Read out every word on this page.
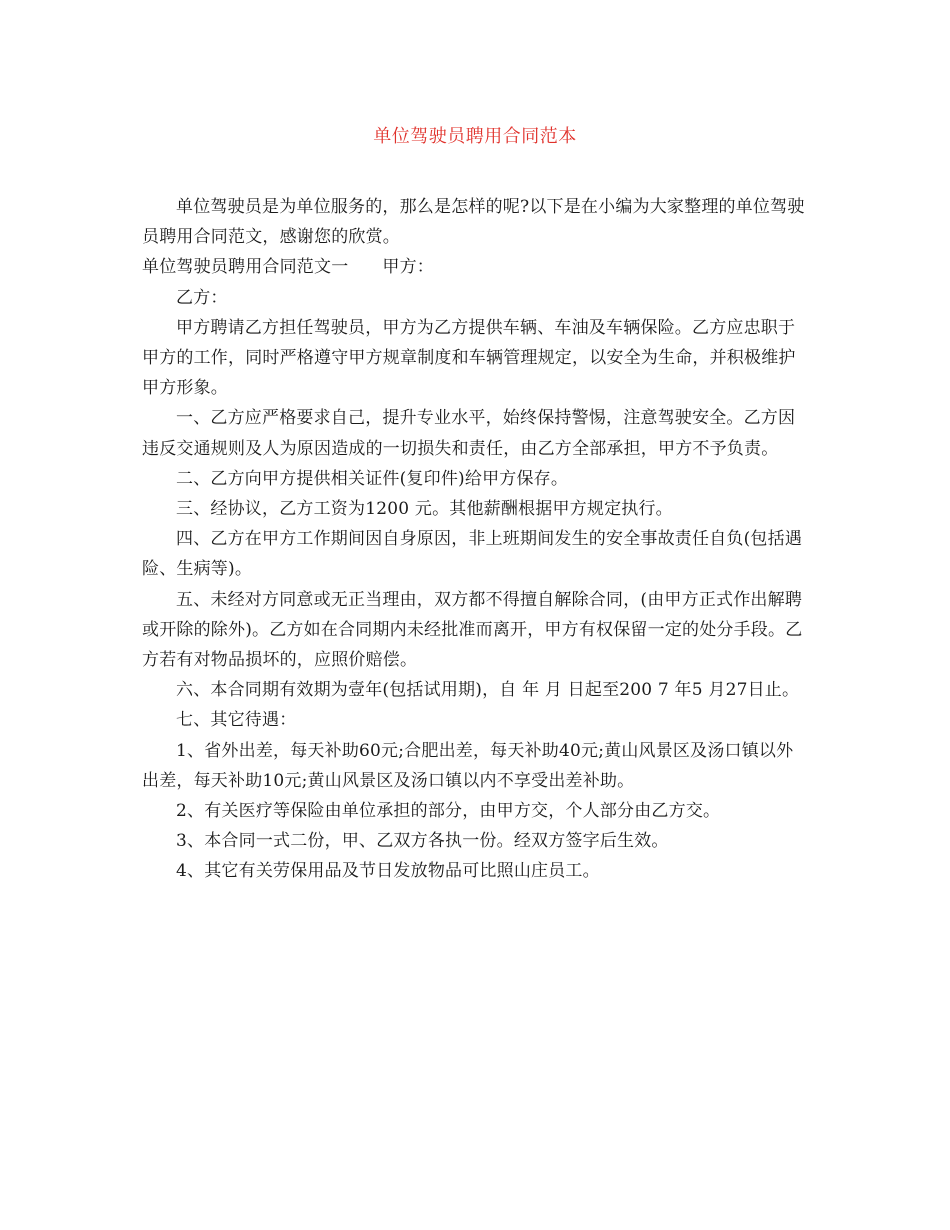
单位驾驶员聘用合同范本

单位驾驶员是为单位服务的，那么是怎样的呢?以下是在小编为大家整理的单位驾驶员聘用合同范文，感谢您的欣赏。

单位驾驶员聘用合同范文一 甲方：

乙方：

甲方聘请乙方担任驾驶员，甲方为乙方提供车辆、车油及车辆保险。乙方应忠职于甲方的工作，同时严格遵守甲方规章制度和车辆管理规定，以安全为生命，并积极维护甲方形象。

一、乙方应严格要求自己，提升专业水平，始终保持警惕，注意驾驶安全。乙方因违反交通规则及人为原因造成的一切损失和责任，由乙方全部承担，甲方不予负责。

二、乙方向甲方提供相关证件(复印件)给甲方保存。

三、经协议，乙方工资为1200 元。其他薪酬根据甲方规定执行。

四、乙方在甲方工作期间因自身原因，非上班期间发生的安全事故责任自负(包括遇险、生病等)。

五、未经对方同意或无正当理由，双方都不得擅自解除合同，(由甲方正式作出解聘或开除的除外)。乙方如在合同期内未经批准而离开，甲方有权保留一定的处分手段。乙方若有对物品损坏的，应照价赔偿。

六、本合同期有效期为壹年(包括试用期)，自 年 月 日起至200 7 年5 月27日止。

七、其它待遇：

1、省外出差，每天补助60元;合肥出差，每天补助40元;黄山风景区及汤口镇以外出差，每天补助10元;黄山风景区及汤口镇以内不享受出差补助。

2、有关医疗等保险由单位承担的部分，由甲方交，个人部分由乙方交。

3、本合同一式二份，甲、乙双方各执一份。经双方签字后生效。

4、其它有关劳保用品及节日发放物品可比照山庄员工。
